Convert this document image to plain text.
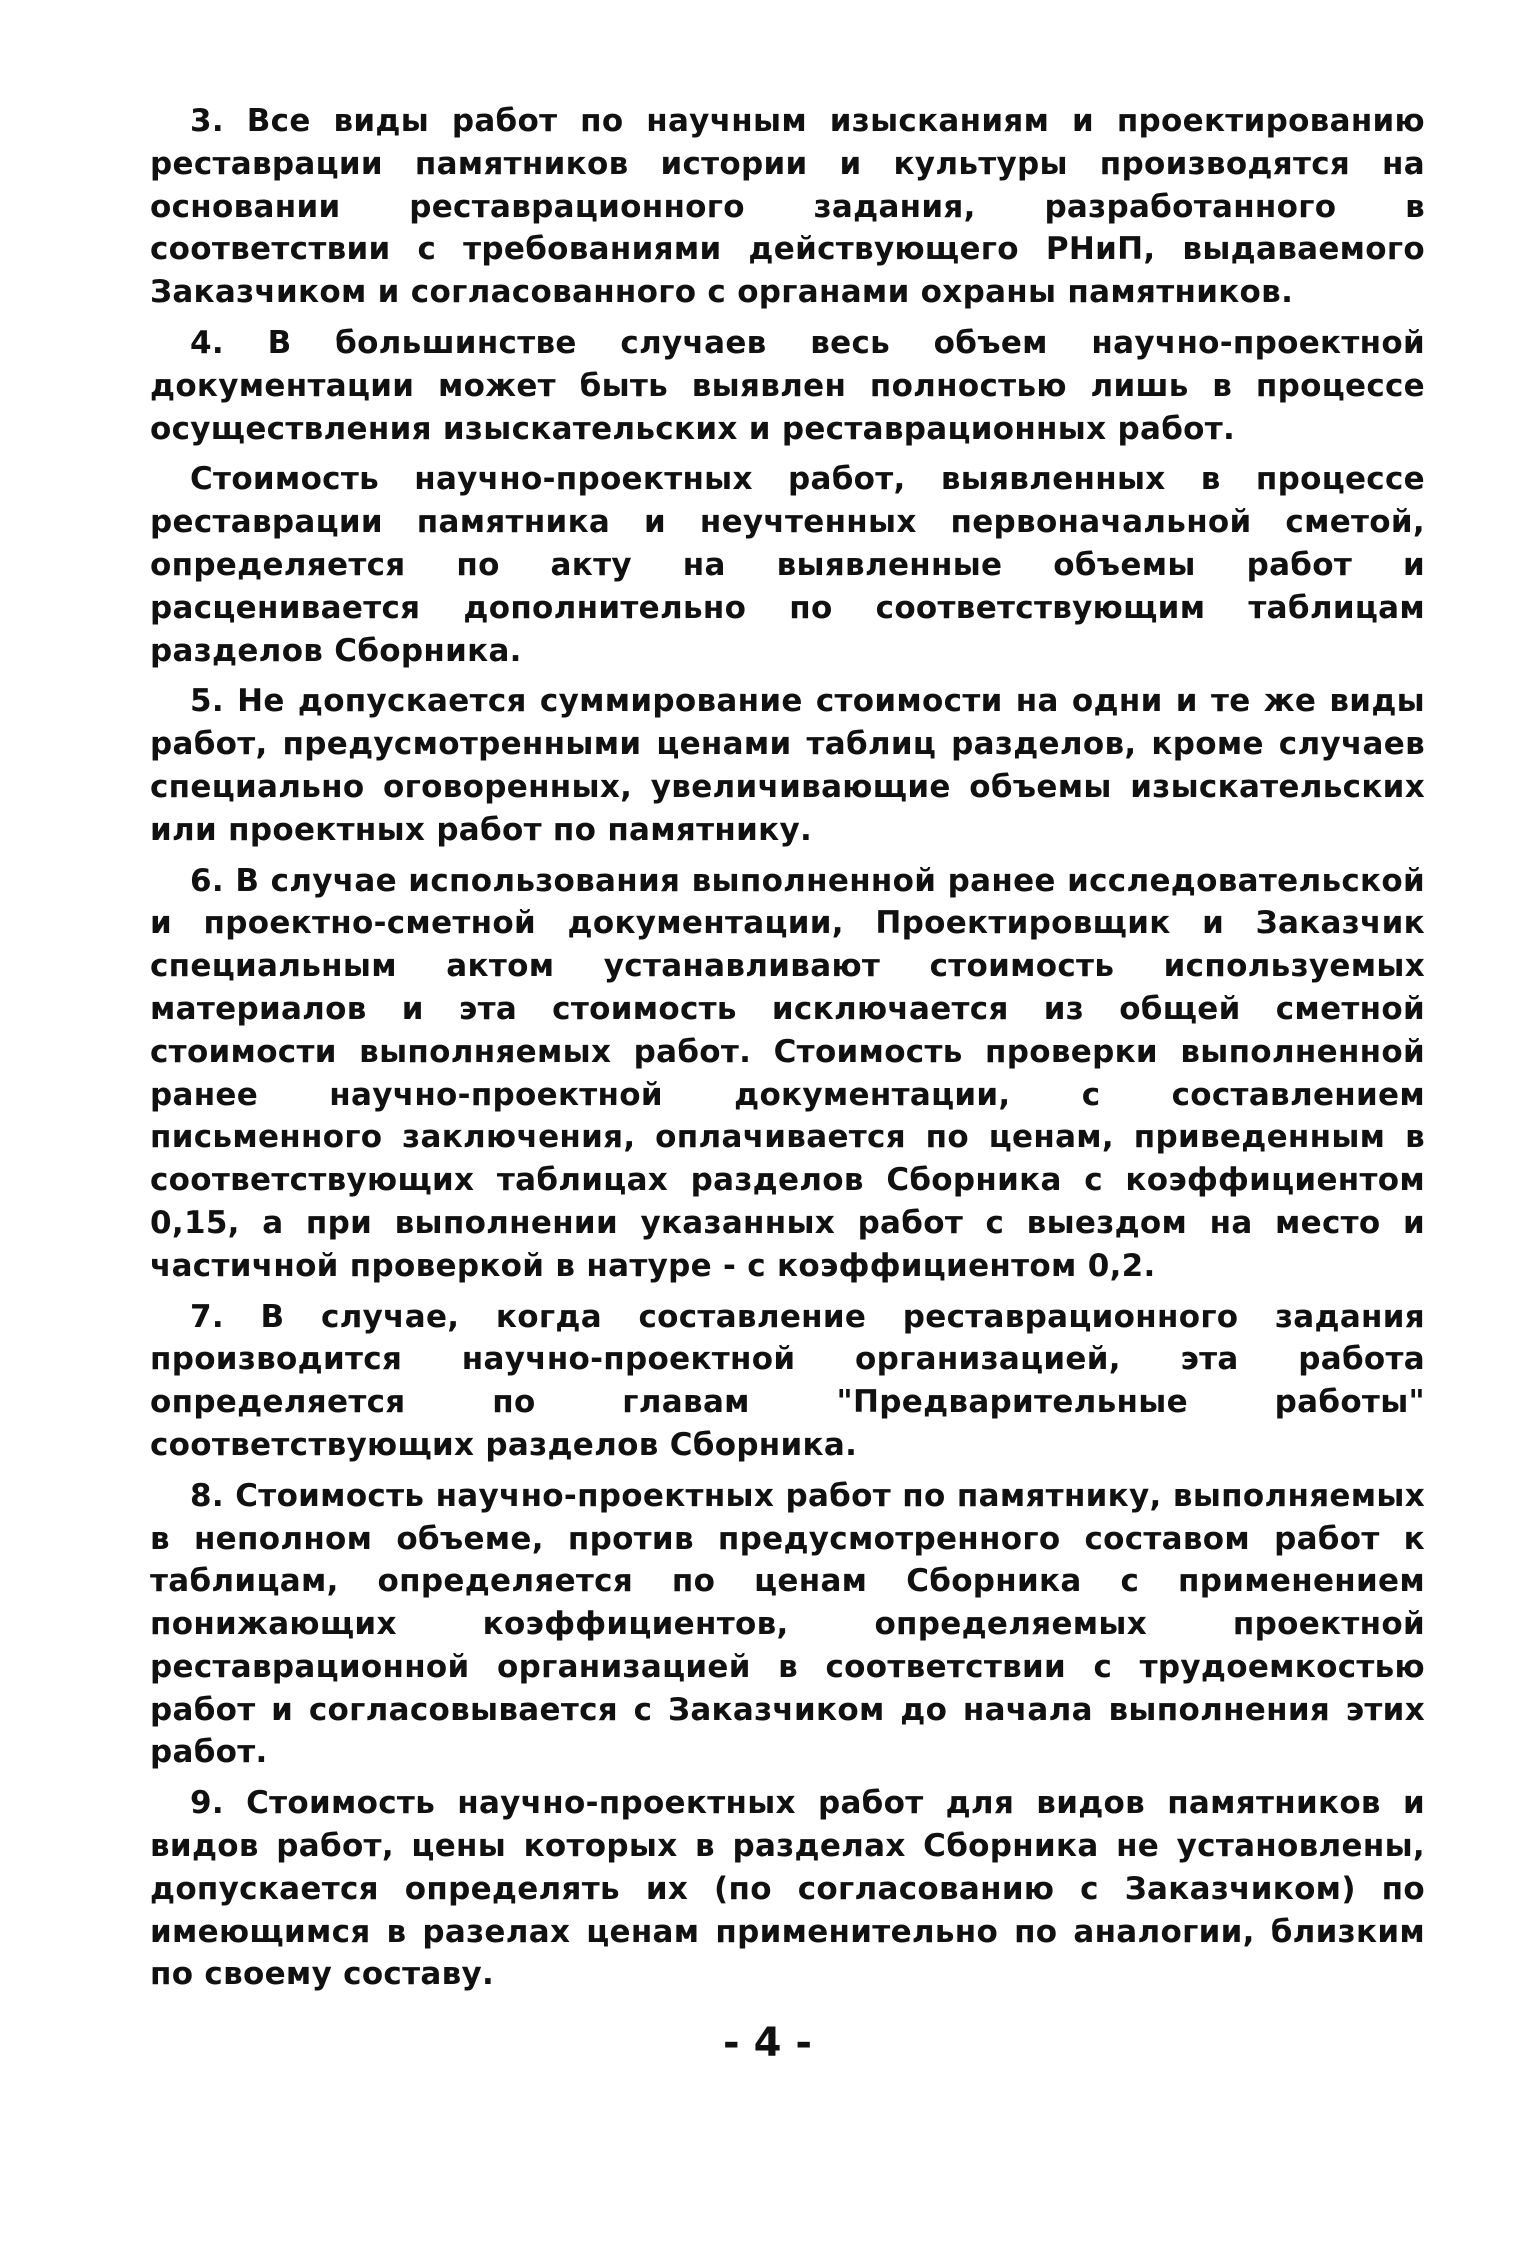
3. Все виды работ по научным изысканиям и проектированию реставрации памятников истории и культуры производятся на основании реставрационного задания, разработанного в соответствии с требованиями действующего РНиП, выдаваемого Заказчиком и согласованного с органами охраны памятников.

4. В большинстве случаев весь объем научно-проектной документации может быть выявлен полностью лишь в процессе осуществления изыскательских и реставрационных работ.

Стоимость научно-проектных работ, выявленных в процессе реставрации памятника и неучтенных первоначальной сметой, определяется по акту на выявленные объемы работ и расценивается дополнительно по соответствующим таблицам разделов Сборника.

5. Не допускается суммирование стоимости на одни и те же виды работ, предусмотренными ценами таблиц разделов, кроме случаев специально оговоренных, увеличивающие объемы изыскательских или проектных работ по памятнику.

6. В случае использования выполненной ранее исследовательской и проектно-сметной документации, Проектировщик и Заказчик специальным актом устанавливают стоимость используемых материалов и эта стоимость исключается из общей сметной стоимости выполняемых работ. Стоимость проверки выполненной ранее научно-проектной документации, с составлением письменного заключения, оплачивается по ценам, приведенным в соответствующих таблицах разделов Сборника с коэффициентом 0,15, а при выполнении указанных работ с выездом на место и частичной проверкой в натуре - с коэффициентом 0,2.

7. В случае, когда составление реставрационного задания производится научно-проектной организацией, эта работа определяется по главам "Предварительные работы" соответствующих разделов Сборника.

8. Стоимость научно-проектных работ по памятнику, выполняемых в неполном объеме, против предусмотренного составом работ к таблицам, определяется по ценам Сборника с применением понижающих коэффициентов, определяемых проектной реставрационной организацией в соответствии с трудоемкостью работ и согласовывается с Заказчиком до начала выполнения этих работ.

9. Стоимость научно-проектных работ для видов памятников и видов работ, цены которых в разделах Сборника не установлены, допускается определять их (по согласованию с Заказчиком) по имеющимся в разелах ценам применительно по аналогии, близким по своему составу.

- 4 -
